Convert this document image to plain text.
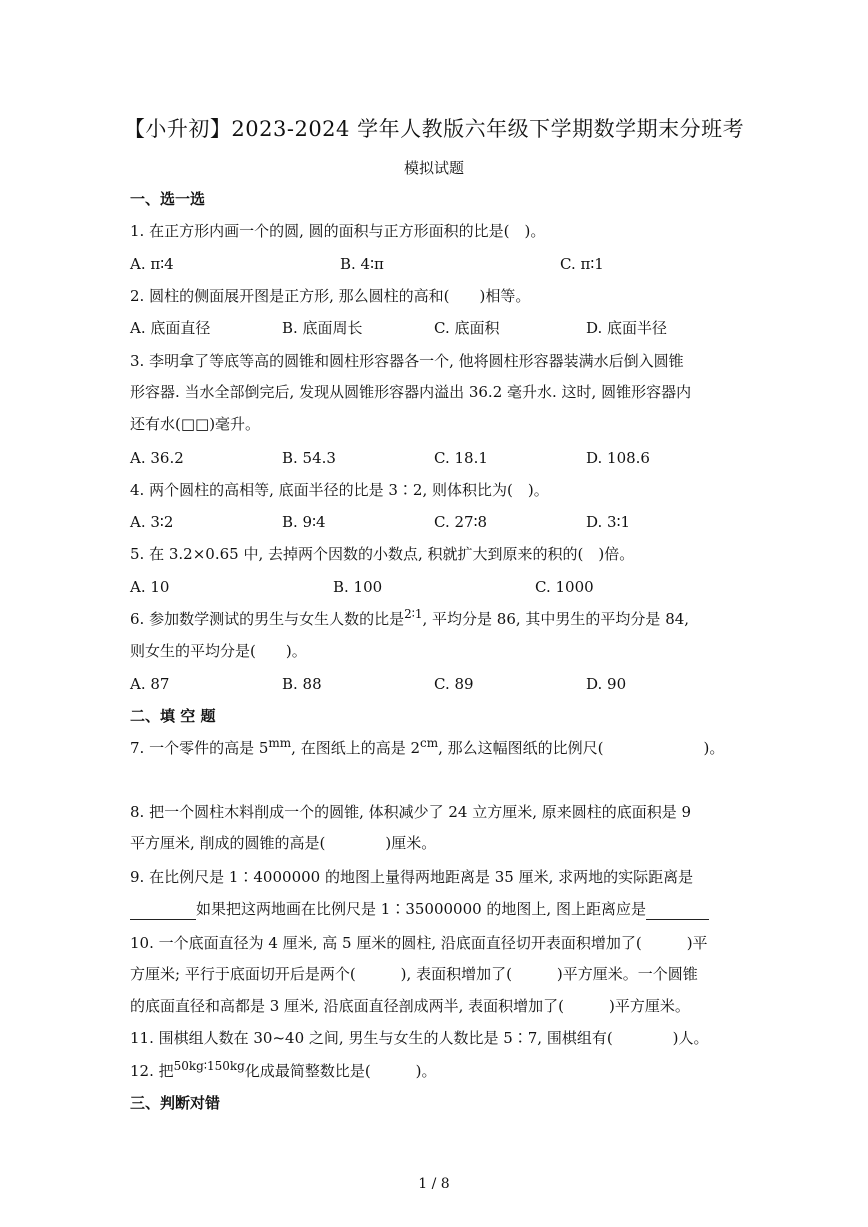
【小升初】2023-2024 学年人教版六年级下学期数学期末分班考
模拟试题
一、选一选
1. 在正方形内画一个的圆, 圆的面积与正方形面积的比是(　)。
A. π∶4	B. 4∶π	C. π∶1
2. 圆柱的侧面展开图是正方形, 那么圆柱的高和(　　)相等。
A. 底面直径	B. 底面周长	C. 底面积	D. 底面半径
3. 李明拿了等底等高的圆锥和圆柱形容器各一个, 他将圆柱形容器装满水后倒入圆锥
形容器. 当水全部倒完后, 发现从圆锥形容器内溢出 36.2 毫升水. 这时, 圆锥形容器内
还有水(□□)毫升。
A. 36.2	B. 54.3	C. 18.1	D. 108.6
4. 两个圆柱的高相等, 底面半径的比是 3∶2, 则体积比为(　)。
A. 3∶2	B. 9∶4	C. 27∶8	D. 3∶1
5. 在 3.2×0.65 中, 去掉两个因数的小数点, 积就扩大到原来的积的(　)倍。
A. 10	B. 100	C. 1000
6. 参加数学测试的男生与女生人数的比是$^{2∶1}$, 平均分是 86, 其中男生的平均分是 84,
则女生的平均分是(　　)。
A. 87	B. 88	C. 89	D. 90
二、填 空 题
7. 一个零件的高是 $5^{mm}$, 在图纸上的高是 $2^{cm}$, 那么这幅图纸的比例尺(	)。
8. 把一个圆柱木料削成一个的圆锥, 体积减少了 24 立方厘米, 原来圆柱的底面积是 9
平方厘米, 削成的圆锥的高是(　　　　)厘米。
9. 在比例尺是 1∶4000000 的地图上量得两地距离是 35 厘米, 求两地的实际距离是
如果把这两地画在比例尺是 1∶35000000 的地图上, 图上距离应是
10. 一个底面直径为 4 厘米, 高 5 厘米的圆柱, 沿底面直径切开表面积增加了(　　　)平
方厘米; 平行于底面切开后是两个(　　　), 表面积增加了(　　　)平方厘米。一个圆锥
的底面直径和高都是 3 厘米, 沿底面直径剖成两半, 表面积增加了(　　　)平方厘米。
11. 围棋组人数在 30~40 之间, 男生与女生的人数比是 5∶7, 围棋组有(　　　　)人。
12. 把$^{50kg∶150kg}$化成最简整数比是(　　　)。
三、判断对错
1 / 8
